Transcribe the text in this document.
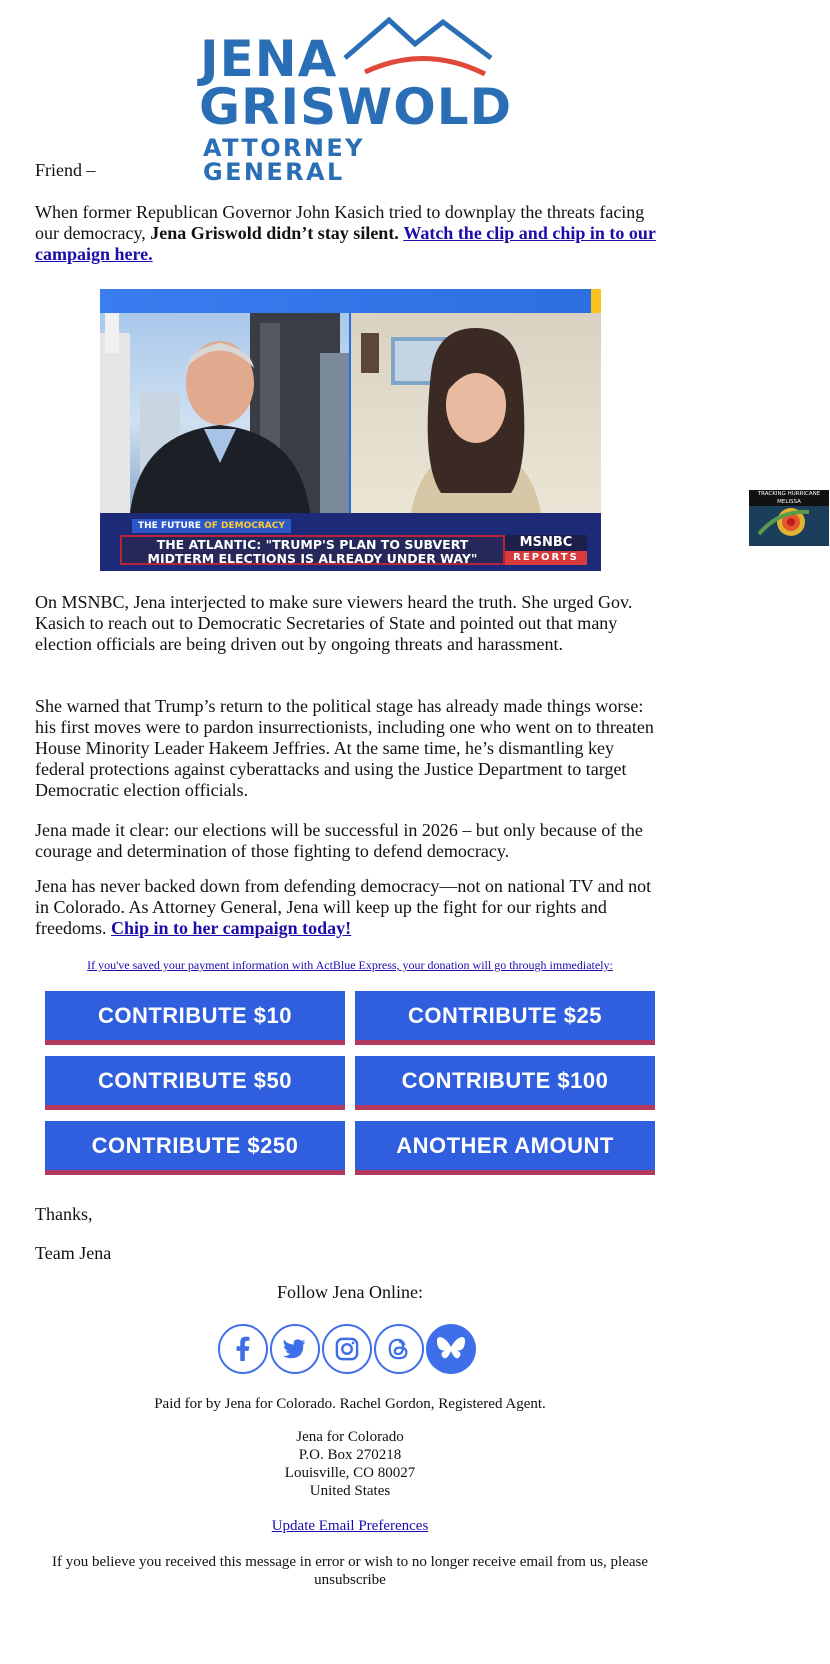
JENA
GRISWOLD
ATTORNEY GENERAL
Friend –
When former Republican Governor John Kasich tried to downplay the threats facing our democracy, Jena Griswold didn’t stay silent. Watch the clip and chip in to our campaign here.
TRACKING HURRICANE MELISSA
THE FUTURE OF DEMOCRACY
THE ATLANTIC: "TRUMP'S PLAN TO SUBVERT MIDTERM ELECTIONS IS ALREADY UNDER WAY"
MSNBC
REPORTS
On MSNBC, Jena interjected to make sure viewers heard the truth. She urged Gov. Kasich to reach out to Democratic Secretaries of State and pointed out that many election officials are being driven out by ongoing threats and harassment.
She warned that Trump’s return to the political stage has already made things worse: his first moves were to pardon insurrectionists, including one who went on to threaten House Minority Leader Hakeem Jeffries. At the same time, he’s dismantling key federal protections against cyberattacks and using the Justice Department to target Democratic election officials.
Jena made it clear: our elections will be successful in 2026 – but only because of the courage and determination of those fighting to defend democracy.
Jena has never backed down from defending democracy—not on national TV and not in Colorado. As Attorney General, Jena will keep up the fight for our rights and freedoms. Chip in to her campaign today!
If you've saved your payment information with ActBlue Express, your donation will go through immediately:
CONTRIBUTE $10	CONTRIBUTE $25
CONTRIBUTE $50	CONTRIBUTE $100
CONTRIBUTE $250	ANOTHER AMOUNT
Thanks,
Team Jena
Follow Jena Online:
Paid for by Jena for Colorado. Rachel Gordon, Registered Agent.
Jena for Colorado
P.O. Box 270218
Louisville, CO 80027
United States
Update Email Preferences
If you believe you received this message in error or wish to no longer receive email from us, please unsubscribe
